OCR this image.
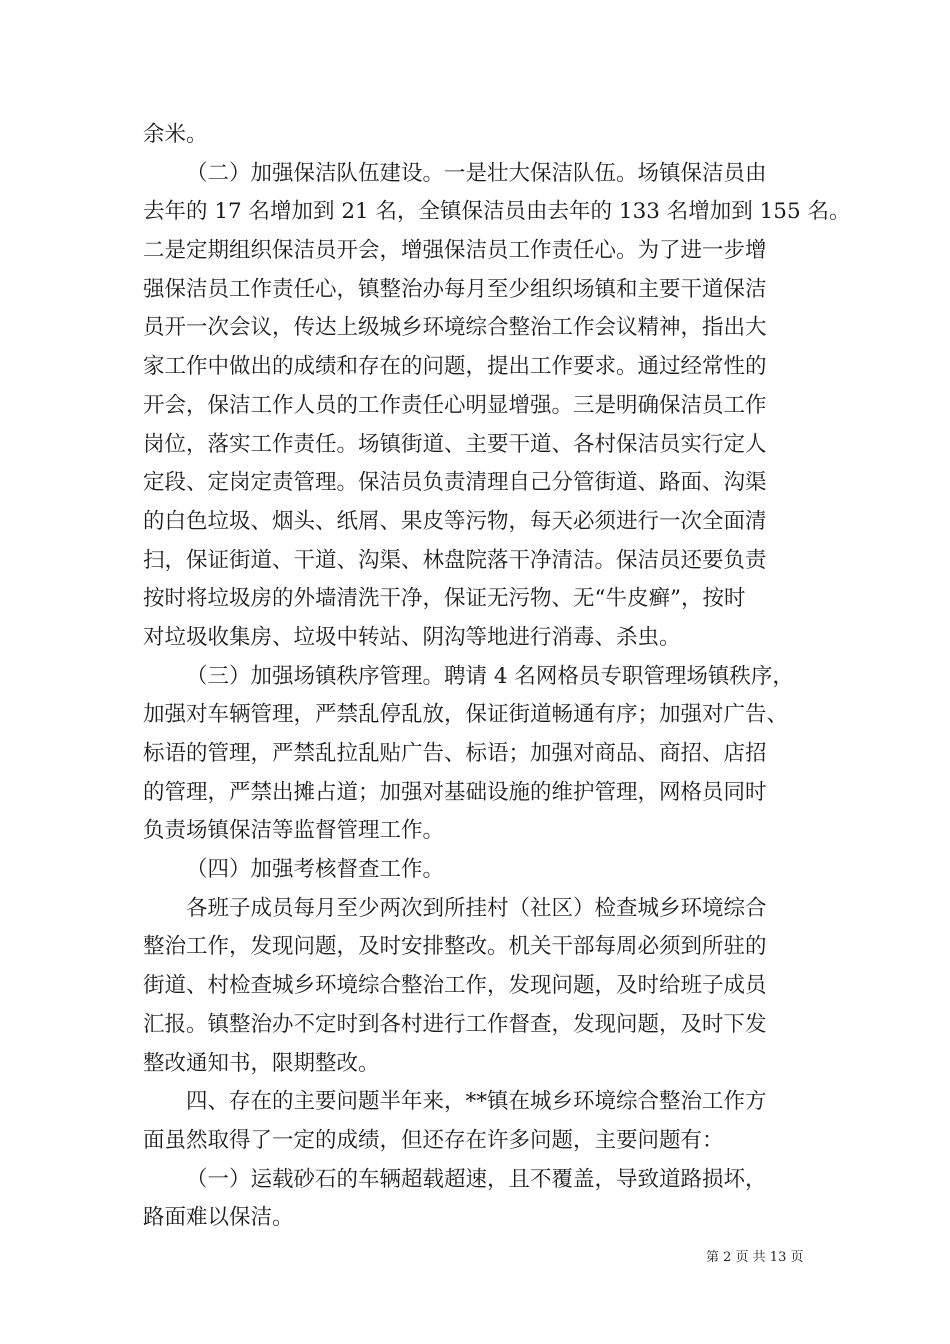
余米。
（二）加强保洁队伍建设。一是壮大保洁队伍。场镇保洁员由
去年的 17 名增加到 21 名，全镇保洁员由去年的 133 名增加到 155 名。
二是定期组织保洁员开会，增强保洁员工作责任心。为了进一步增
强保洁员工作责任心，镇整治办每月至少组织场镇和主要干道保洁
员开一次会议，传达上级城乡环境综合整治工作会议精神，指出大
家工作中做出的成绩和存在的问题，提出工作要求。通过经常性的
开会，保洁工作人员的工作责任心明显增强。三是明确保洁员工作
岗位，落实工作责任。场镇街道、主要干道、各村保洁员实行定人
定段、定岗定责管理。保洁员负责清理自己分管街道、路面、沟渠
的白色垃圾、烟头、纸屑、果皮等污物，每天必须进行一次全面清
扫，保证街道、干道、沟渠、林盘院落干净清洁。保洁员还要负责
按时将垃圾房的外墙清洗干净，保证无污物、无“牛皮癣”，按时
对垃圾收集房、垃圾中转站、阴沟等地进行消毒、杀虫。
（三）加强场镇秩序管理。聘请 4 名网格员专职管理场镇秩序，
加强对车辆管理，严禁乱停乱放，保证街道畅通有序；加强对广告、
标语的管理，严禁乱拉乱贴广告、标语；加强对商品、商招、店招
的管理，严禁出摊占道；加强对基础设施的维护管理，网格员同时
负责场镇保洁等监督管理工作。
（四）加强考核督查工作。
各班子成员每月至少两次到所挂村（社区）检查城乡环境综合
整治工作，发现问题，及时安排整改。机关干部每周必须到所驻的
街道、村检查城乡环境综合整治工作，发现问题，及时给班子成员
汇报。镇整治办不定时到各村进行工作督查，发现问题，及时下发
整改通知书，限期整改。
四、存在的主要问题半年来，**镇在城乡环境综合整治工作方
面虽然取得了一定的成绩，但还存在许多问题，主要问题有：
（一）运载砂石的车辆超载超速，且不覆盖，导致道路损坏，
路面难以保洁。
第 2 页 共 13 页
